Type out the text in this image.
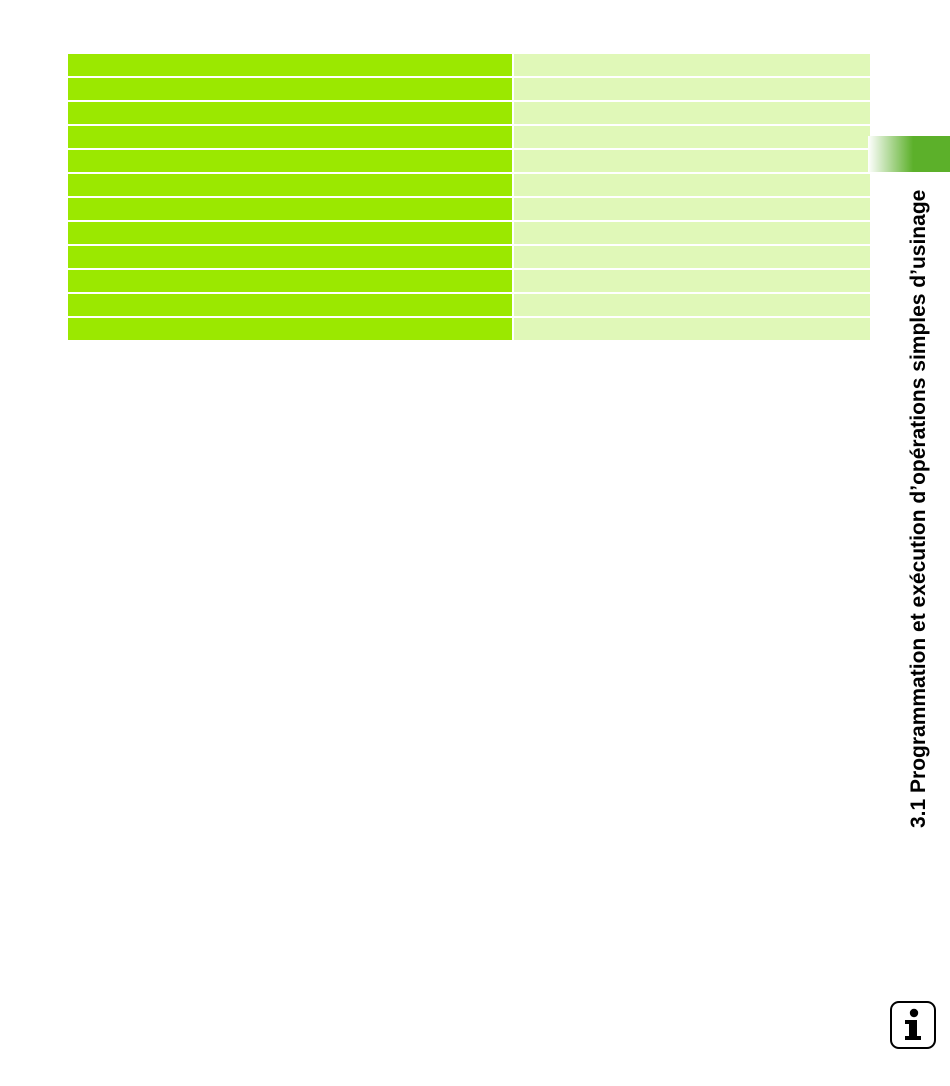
3.1 Programmation et exécution d’opérations simples d’usinage
